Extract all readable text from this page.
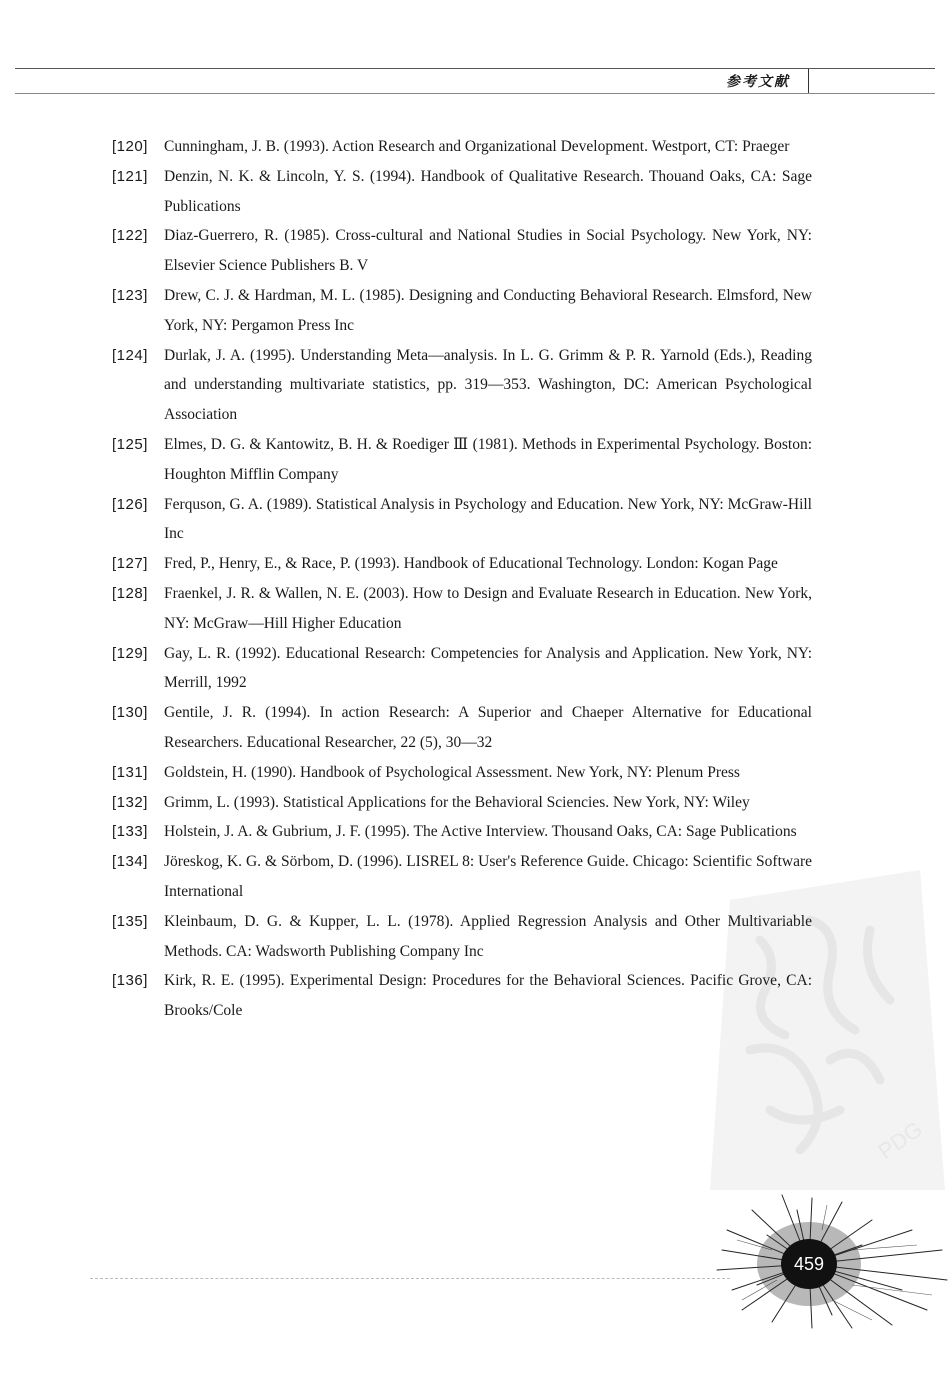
参考文献
PDG
[120] Cunningham, J. B. (1993). Action Research and Organizational Development. Westport, CT: Praeger
[121] Denzin, N. K. & Lincoln, Y. S. (1994). Handbook of Qualitative Research. Thouand Oaks, CA: Sage Publications
[122] Diaz-Guerrero, R. (1985). Cross-cultural and National Studies in Social Psychology. New York, NY: Elsevier Science Publishers B. V
[123] Drew, C. J. & Hardman, M. L. (1985). Designing and Conducting Behavioral Research. Elmsford, New York, NY: Pergamon Press Inc
[124] Durlak, J. A. (1995). Understanding Meta—analysis. In L. G. Grimm & P. R. Yarnold (Eds.), Reading and understanding multivariate statistics, pp. 319—353. Washington, DC: American Psychological Association
[125] Elmes, D. G. & Kantowitz, B. H. & Roediger Ⅲ (1981). Methods in Experimental Psychology. Boston: Houghton Mifflin Company
[126] Ferquson, G. A. (1989). Statistical Analysis in Psychology and Education. New York, NY: McGraw-Hill Inc
[127] Fred, P., Henry, E., & Race, P. (1993). Handbook of Educational Technology. London: Kogan Page
[128] Fraenkel, J. R. & Wallen, N. E. (2003). How to Design and Evaluate Research in Education. New York, NY: McGraw—Hill Higher Education
[129] Gay, L. R. (1992). Educational Research: Competencies for Analysis and Application. New York, NY: Merrill, 1992
[130] Gentile, J. R. (1994). In action Research: A Superior and Chaeper Alternative for Educational Researchers. Educational Researcher, 22 (5), 30—32
[131] Goldstein, H. (1990). Handbook of Psychological Assessment. New York, NY: Plenum Press
[132] Grimm, L. (1993). Statistical Applications for the Behavioral Sciencies. New York, NY: Wiley
[133] Holstein, J. A. & Gubrium, J. F. (1995). The Active Interview. Thousand Oaks, CA: Sage Publications
[134] Jöreskog, K. G. & Sörbom, D. (1996). LISREL 8: User's Reference Guide. Chicago: Scientific Software International
[135] Kleinbaum, D. G. & Kupper, L. L. (1978). Applied Regression Analysis and Other Multivariable Methods. CA: Wadsworth Publishing Company Inc
[136] Kirk, R. E. (1995). Experimental Design: Procedures for the Behavioral Sciences. Pacific Grove, CA: Brooks/Cole
459
